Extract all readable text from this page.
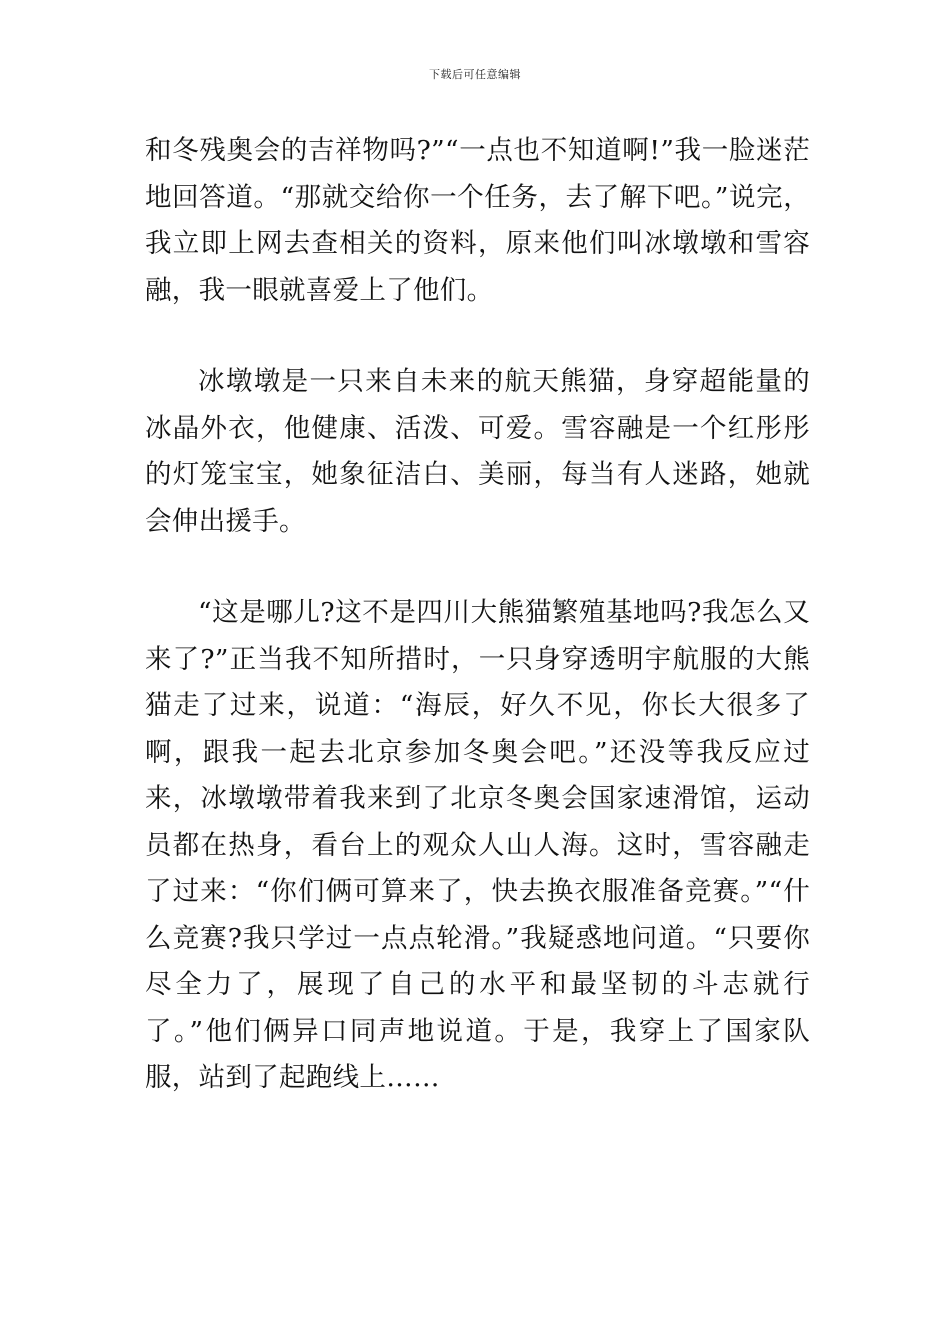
下载后可任意编辑

和冬残奥会的吉祥物吗?”“一点也不知道啊!”我一脸迷茫地回答道。“那就交给你一个任务，去了解下吧。”说完，我立即上网去查相关的资料，原来他们叫冰墩墩和雪容融，我一眼就喜爱上了他们。

冰墩墩是一只来自未来的航天熊猫，身穿超能量的冰晶外衣，他健康、活泼、可爱。雪容融是一个红彤彤的灯笼宝宝，她象征洁白、美丽，每当有人迷路，她就会伸出援手。

“这是哪儿?这不是四川大熊猫繁殖基地吗?我怎么又来了?”正当我不知所措时，一只身穿透明宇航服的大熊猫走了过来，说道：“海辰，好久不见，你长大很多了啊，跟我一起去北京参加冬奥会吧。”还没等我反应过来，冰墩墩带着我来到了北京冬奥会国家速滑馆，运动员都在热身，看台上的观众人山人海。这时，雪容融走了过来：“你们俩可算来了，快去换衣服准备竞赛。”“什么竞赛?我只学过一点点轮滑。”我疑惑地问道。“只要你尽全力了，展现了自己的水平和最坚韧的斗志就行了。”他们俩异口同声地说道。于是，我穿上了国家队服，站到了起跑线上……
